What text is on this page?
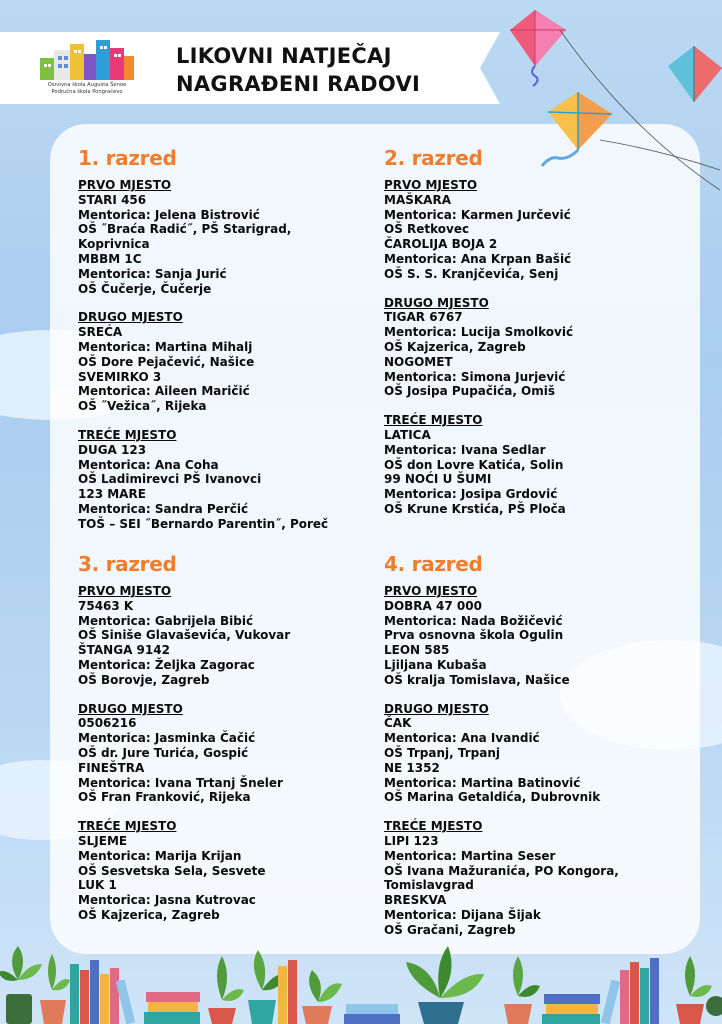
Osnovna škola Augusta Šenoe
Područna škola Pongračevo
LIKOVNI NATJEČAJ
NAGRAĐENI RADOVI
1. razred
PRVO MJESTO
STARI 456
Mentorica: Jelena Bistrović
OŠ ˝Braća Radić˝, PŠ Starigrad,
Koprivnica
MBBM 1C
Mentorica: Sanja Jurić
OŠ Čučerje, Čučerje
DRUGO MJESTO
SREĆA
Mentorica: Martina Mihalj
OŠ Dore Pejačević, Našice
SVEMIRKO 3
Mentorica: Aileen Maričić
OŠ ˝Vežica˝, Rijeka
TREĆE MJESTO
DUGA 123
Mentorica: Ana Coha
OŠ Ladimirevci PŠ Ivanovci
123 MARE
Mentorica: Sandra Perčić
TOŠ – SEI ˝Bernardo Parentin˝, Poreč
2. razred
PRVO MJESTO
MAŠKARA
Mentorica: Karmen Jurčević
OŠ Retkovec
ČAROLIJA BOJA 2
Mentorica: Ana Krpan Bašić
OŠ S. S. Kranjčevića, Senj
DRUGO MJESTO
TIGAR 6767
Mentorica: Lucija Smolković
OŠ Kajzerica, Zagreb
NOGOMET
Mentorica: Simona Jurjević
OŠ Josipa Pupačića, Omiš
TREĆE MJESTO
LATICA
Mentorica: Ivana Sedlar
OŠ don Lovre Katića, Solin
99 NOĆI U ŠUMI
Mentorica: Josipa Grdović
OŠ Krune Krstića, PŠ Ploča
3. razred
PRVO MJESTO
75463 K
Mentorica: Gabrijela Bibić
OŠ Siniše Glavaševića, Vukovar
ŠTANGA 9142
Mentorica: Željka Zagorac
OŠ Borovje, Zagreb
DRUGO MJESTO
0506216
Mentorica: Jasminka Čačić
OŠ dr. Jure Turića, Gospić
FINEŠTRA
Mentorica: Ivana Trtanj Šneler
OŠ Fran Franković, Rijeka
TREĆE MJESTO
SLJEME
Mentorica: Marija Krijan
OŠ Sesvetska Sela, Sesvete
LUK 1
Mentorica: Jasna Kutrovac
OŠ Kajzerica, Zagreb
4. razred
PRVO MJESTO
DOBRA 47 000
Mentorica: Nada Božičević
Prva osnovna škola Ogulin
LEON 585
Ljiljana Kubaša
OŠ kralja Tomislava, Našice
DRUGO MJESTO
ČAK
Mentorica: Ana Ivandić
OŠ Trpanj, Trpanj
NE 1352
Mentorica: Martina Batinović
OŠ Marina Getaldića, Dubrovnik
TREĆE MJESTO
LIPI 123
Mentorica: Martina Seser
OŠ Ivana Mažuranića, PO Kongora,
Tomislavgrad
BRESKVA
Mentorica: Dijana Šijak
OŠ Gračani, Zagreb
